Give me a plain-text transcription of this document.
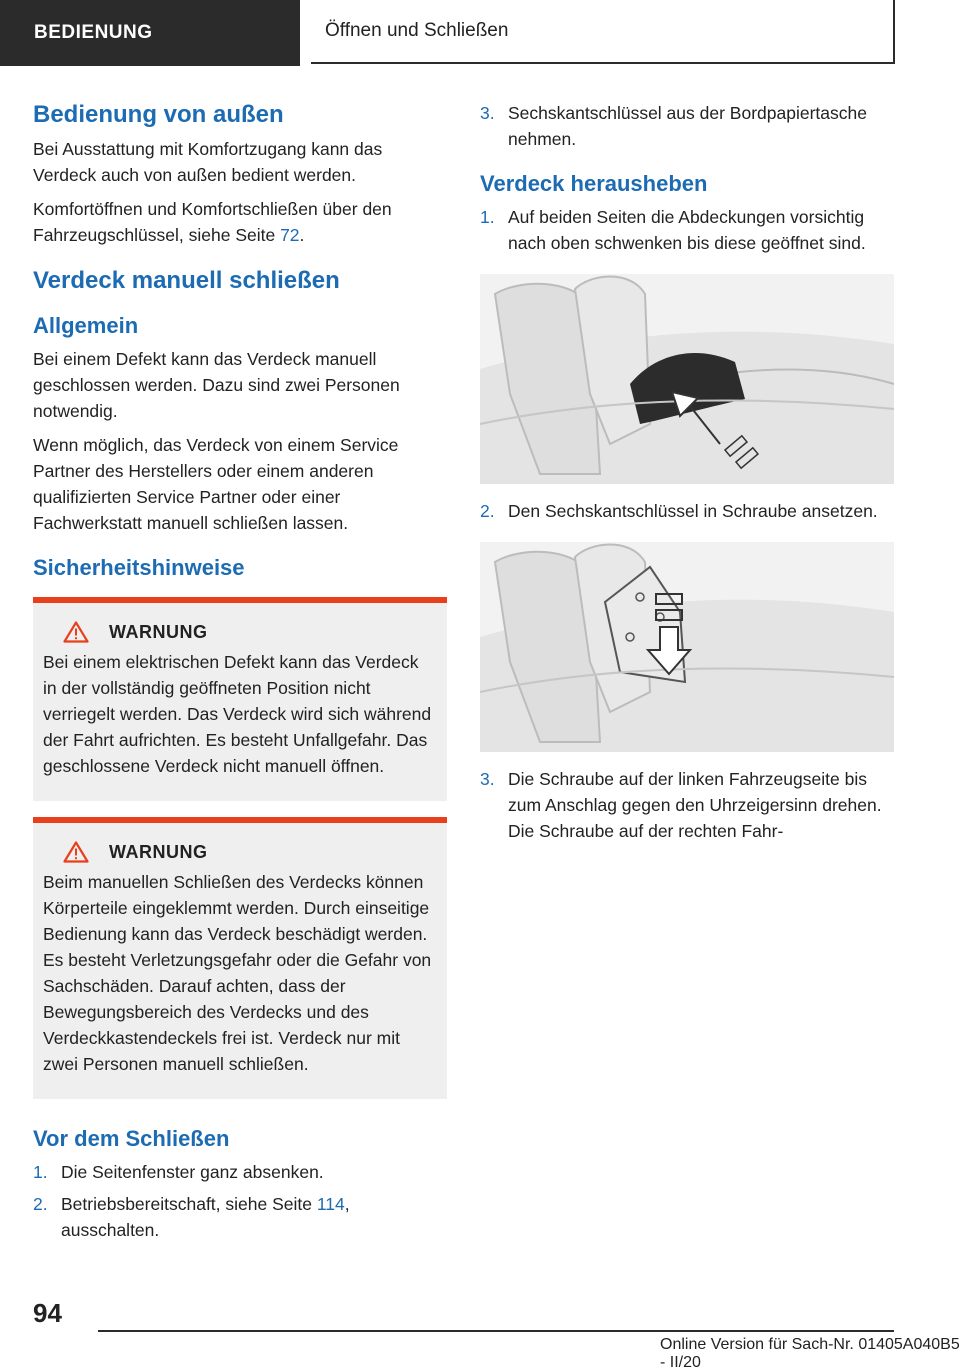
BEDIENUNG	Öffnen und Schließen
Bedienung von außen

Bei Ausstattung mit Komfortzugang kann das Verdeck auch von außen bedient werden.

Komfortöffnen und Komfortschließen über den Fahrzeugschlüssel, siehe Seite 72.

Verdeck manuell schließen
Allgemein

Bei einem Defekt kann das Verdeck manuell geschlossen werden. Dazu sind zwei Personen notwendig.

Wenn möglich, das Verdeck von einem Service Partner des Herstellers oder einem anderen qualifizierten Service Partner oder einer Fachwerkstatt manuell schließen lassen.

Sicherheitshinweise
WARNUNG

Bei einem elektrischen Defekt kann das Verdeck in der vollständig geöffneten Position nicht verriegelt werden. Das Verdeck wird sich während der Fahrt aufrichten. Es besteht Unfallgefahr. Das geschlossene Verdeck nicht manuell öffnen.

WARNUNG

Beim manuellen Schließen des Verdecks können Körperteile eingeklemmt werden. Durch einseitige Bedienung kann das Verdeck beschädigt werden. Es besteht Verletzungsgefahr oder die Gefahr von Sachschäden. Darauf achten, dass der Bewegungsbereich des Verdecks und des Verdeckkastendeckels frei ist. Verdeck nur mit zwei Personen manuell schließen.

Vor dem Schließen
1. Die Seitenfenster ganz absenken.
2. Betriebsbereitschaft, siehe Seite 114, ausschalten.
3. Sechskantschlüssel aus der Bordpapiertasche nehmen.
Verdeck herausheben
1. Auf beiden Seiten die Abdeckungen vorsichtig nach oben schwenken bis diese geöffnet sind.
2. Den Sechskantschlüssel in Schraube ansetzen.
3. Die Schraube auf der linken Fahrzeugseite bis zum Anschlag gegen den Uhrzeigersinn drehen. Die Schraube auf der rechten Fahr-
94
Online Version für Sach-Nr. 01405A040B5 - II/20
